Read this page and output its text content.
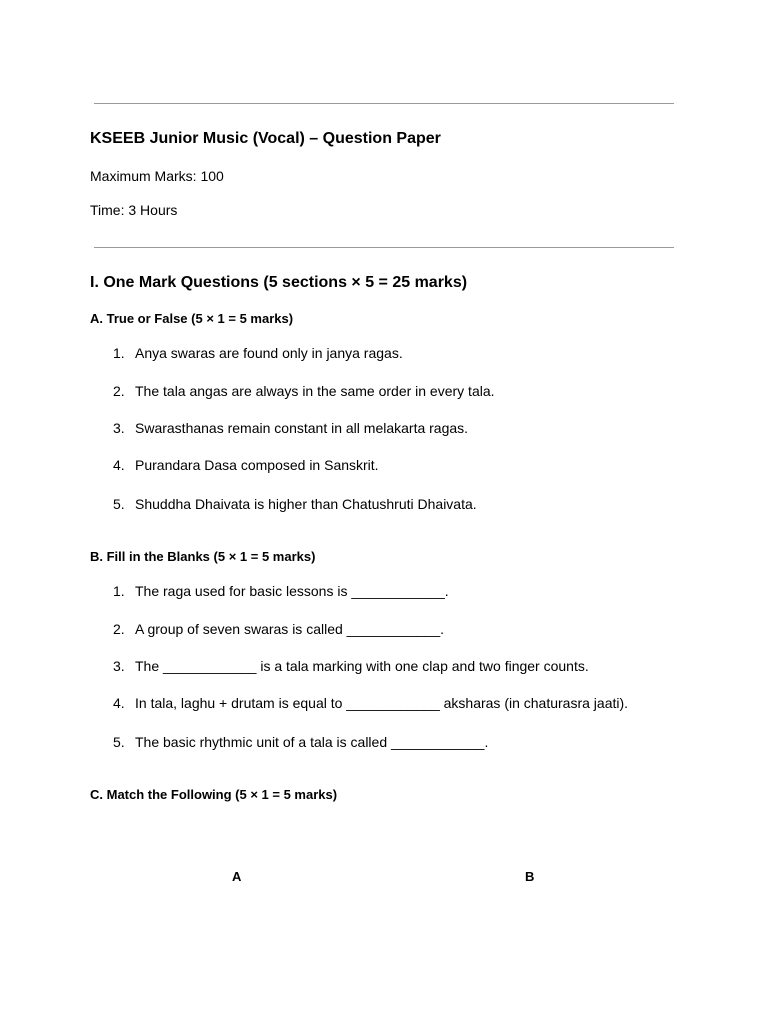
KSEEB Junior Music (Vocal) – Question Paper
Maximum Marks: 100
Time: 3 Hours
I. One Mark Questions (5 sections × 5 = 25 marks)
A. True or False (5 × 1 = 5 marks)
1. Anya swaras are found only in janya ragas.
2. The tala angas are always in the same order in every tala.
3. Swarasthanas remain constant in all melakarta ragas.
4. Purandara Dasa composed in Sanskrit.
5. Shuddha Dhaivata is higher than Chatushruti Dhaivata.
B. Fill in the Blanks (5 × 1 = 5 marks)
1. The raga used for basic lessons is ____________.
2. A group of seven swaras is called ____________.
3. The ____________ is a tala marking with one clap and two finger counts.
4. In tala, laghu + drutam is equal to ____________ aksharas (in chaturasra jaati).
5. The basic rhythmic unit of a tala is called ____________.
C. Match the Following (5 × 1 = 5 marks)
A	B
